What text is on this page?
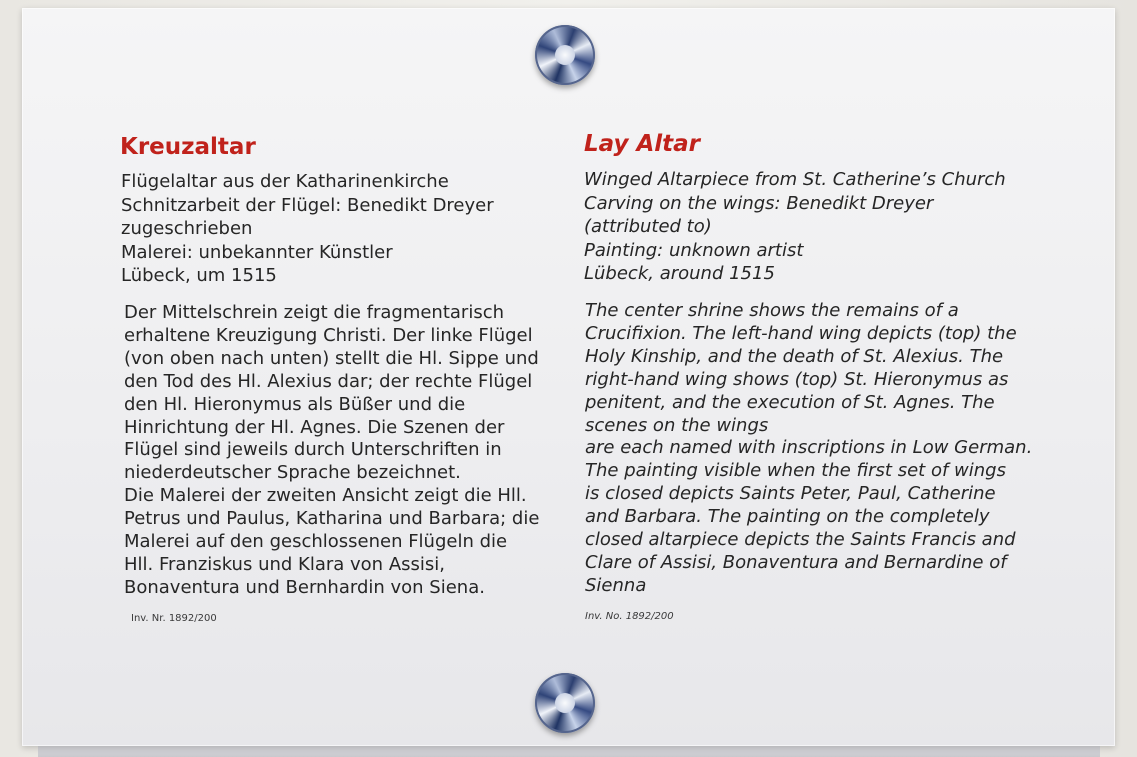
Kreuzaltar
Flügelaltar aus der Katharinenkirche
Schnitzarbeit der Flügel: Benedikt Dreyer
zugeschrieben
Malerei: unbekannter Künstler
Lübeck, um 1515
Der Mittelschrein zeigt die fragmentarisch
erhaltene Kreuzigung Christi. Der linke Flügel
(von oben nach unten) stellt die Hl. Sippe und
den Tod des Hl. Alexius dar; der rechte Flügel
den Hl. Hieronymus als Büßer und die
Hinrichtung der Hl. Agnes. Die Szenen der
Flügel sind jeweils durch Unterschriften in
niederdeutscher Sprache bezeichnet.
Die Malerei der zweiten Ansicht zeigt die Hll.
Petrus und Paulus, Katharina und Barbara; die
Malerei auf den geschlossenen Flügeln die
Hll. Franziskus und Klara von Assisi,
Bonaventura und Bernhardin von Siena.

Inv. Nr. 1892/200

Lay Altar
Winged Altarpiece from St. Catherine’s Church
Carving on the wings: Benedikt Dreyer
(attributed to)
Painting: unknown artist
Lübeck, around 1515
The center shrine shows the remains of a
Crucifixion. The left-hand wing depicts (top) the
Holy Kinship, and the death of St. Alexius. The
right-hand wing shows (top) St. Hieronymus as
penitent, and the execution of St. Agnes. The
scenes on the wings
are each named with inscriptions in Low German.
The painting visible when the first set of wings
is closed depicts Saints Peter, Paul, Catherine
and Barbara. The painting on the completely
closed altarpiece depicts the Saints Francis and
Clare of Assisi, Bonaventura and Bernardine of
Sienna

Inv. No. 1892/200
